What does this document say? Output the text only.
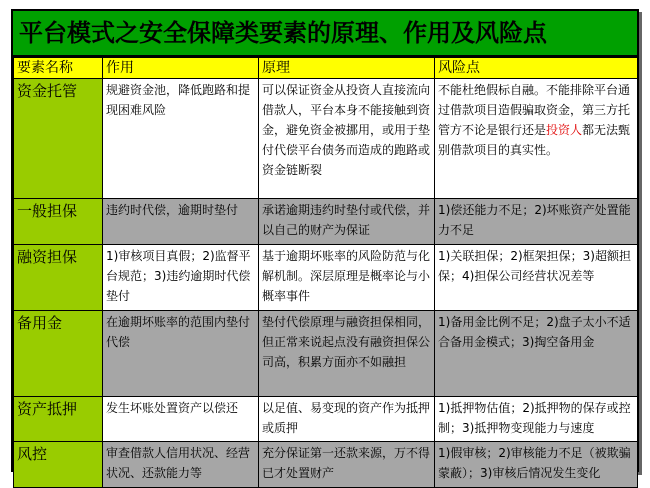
平台模式之安全保障类要素的原理、作用及风险点
要素名称	作用	原理	风险点
资金托管	规避资金池，降低跑路和提现困难风险	可以保证资金从投资人直接流向借款人，平台本身不能接触到资金，避免资金被挪用，或用于垫付代偿平台债务而造成的跑路或资金链断裂	不能杜绝假标自融。不能排除平台通过借款项目造假骗取资金，第三方托管方不论是银行还是投资人都无法甄别借款项目的真实性。
一般担保	违约时代偿，逾期时垫付	承诺逾期违约时垫付或代偿，并以自己的财产为保证	1)偿还能力不足；2)坏账资产处置能力不足
融资担保	1)审核项目真假；2)监督平台规范；3)违约逾期时代偿垫付	基于逾期坏账率的风险防范与化解机制。深层原理是概率论与小概率事件	1)关联担保；2)框架担保；3)超额担保；4)担保公司经营状况差等
备用金	在逾期坏账率的范围内垫付代偿	垫付代偿原理与融资担保相同，但正常来说起点没有融资担保公司高，积累方面亦不如融担	1)备用金比例不足；2)盘子太小不适合备用金模式；3)掏空备用金
资产抵押	发生坏账处置资产以偿还	以足值、易变现的资产作为抵押或质押	1)抵押物估值；2)抵押物的保存或控制；3)抵押物变现能力与速度
风控	审查借款人信用状况、经营状况、还款能力等	充分保证第一还款来源，万不得已才处置财产	1)假审核；2)审核能力不足（被欺骗蒙蔽）；3)审核后情况发生变化
